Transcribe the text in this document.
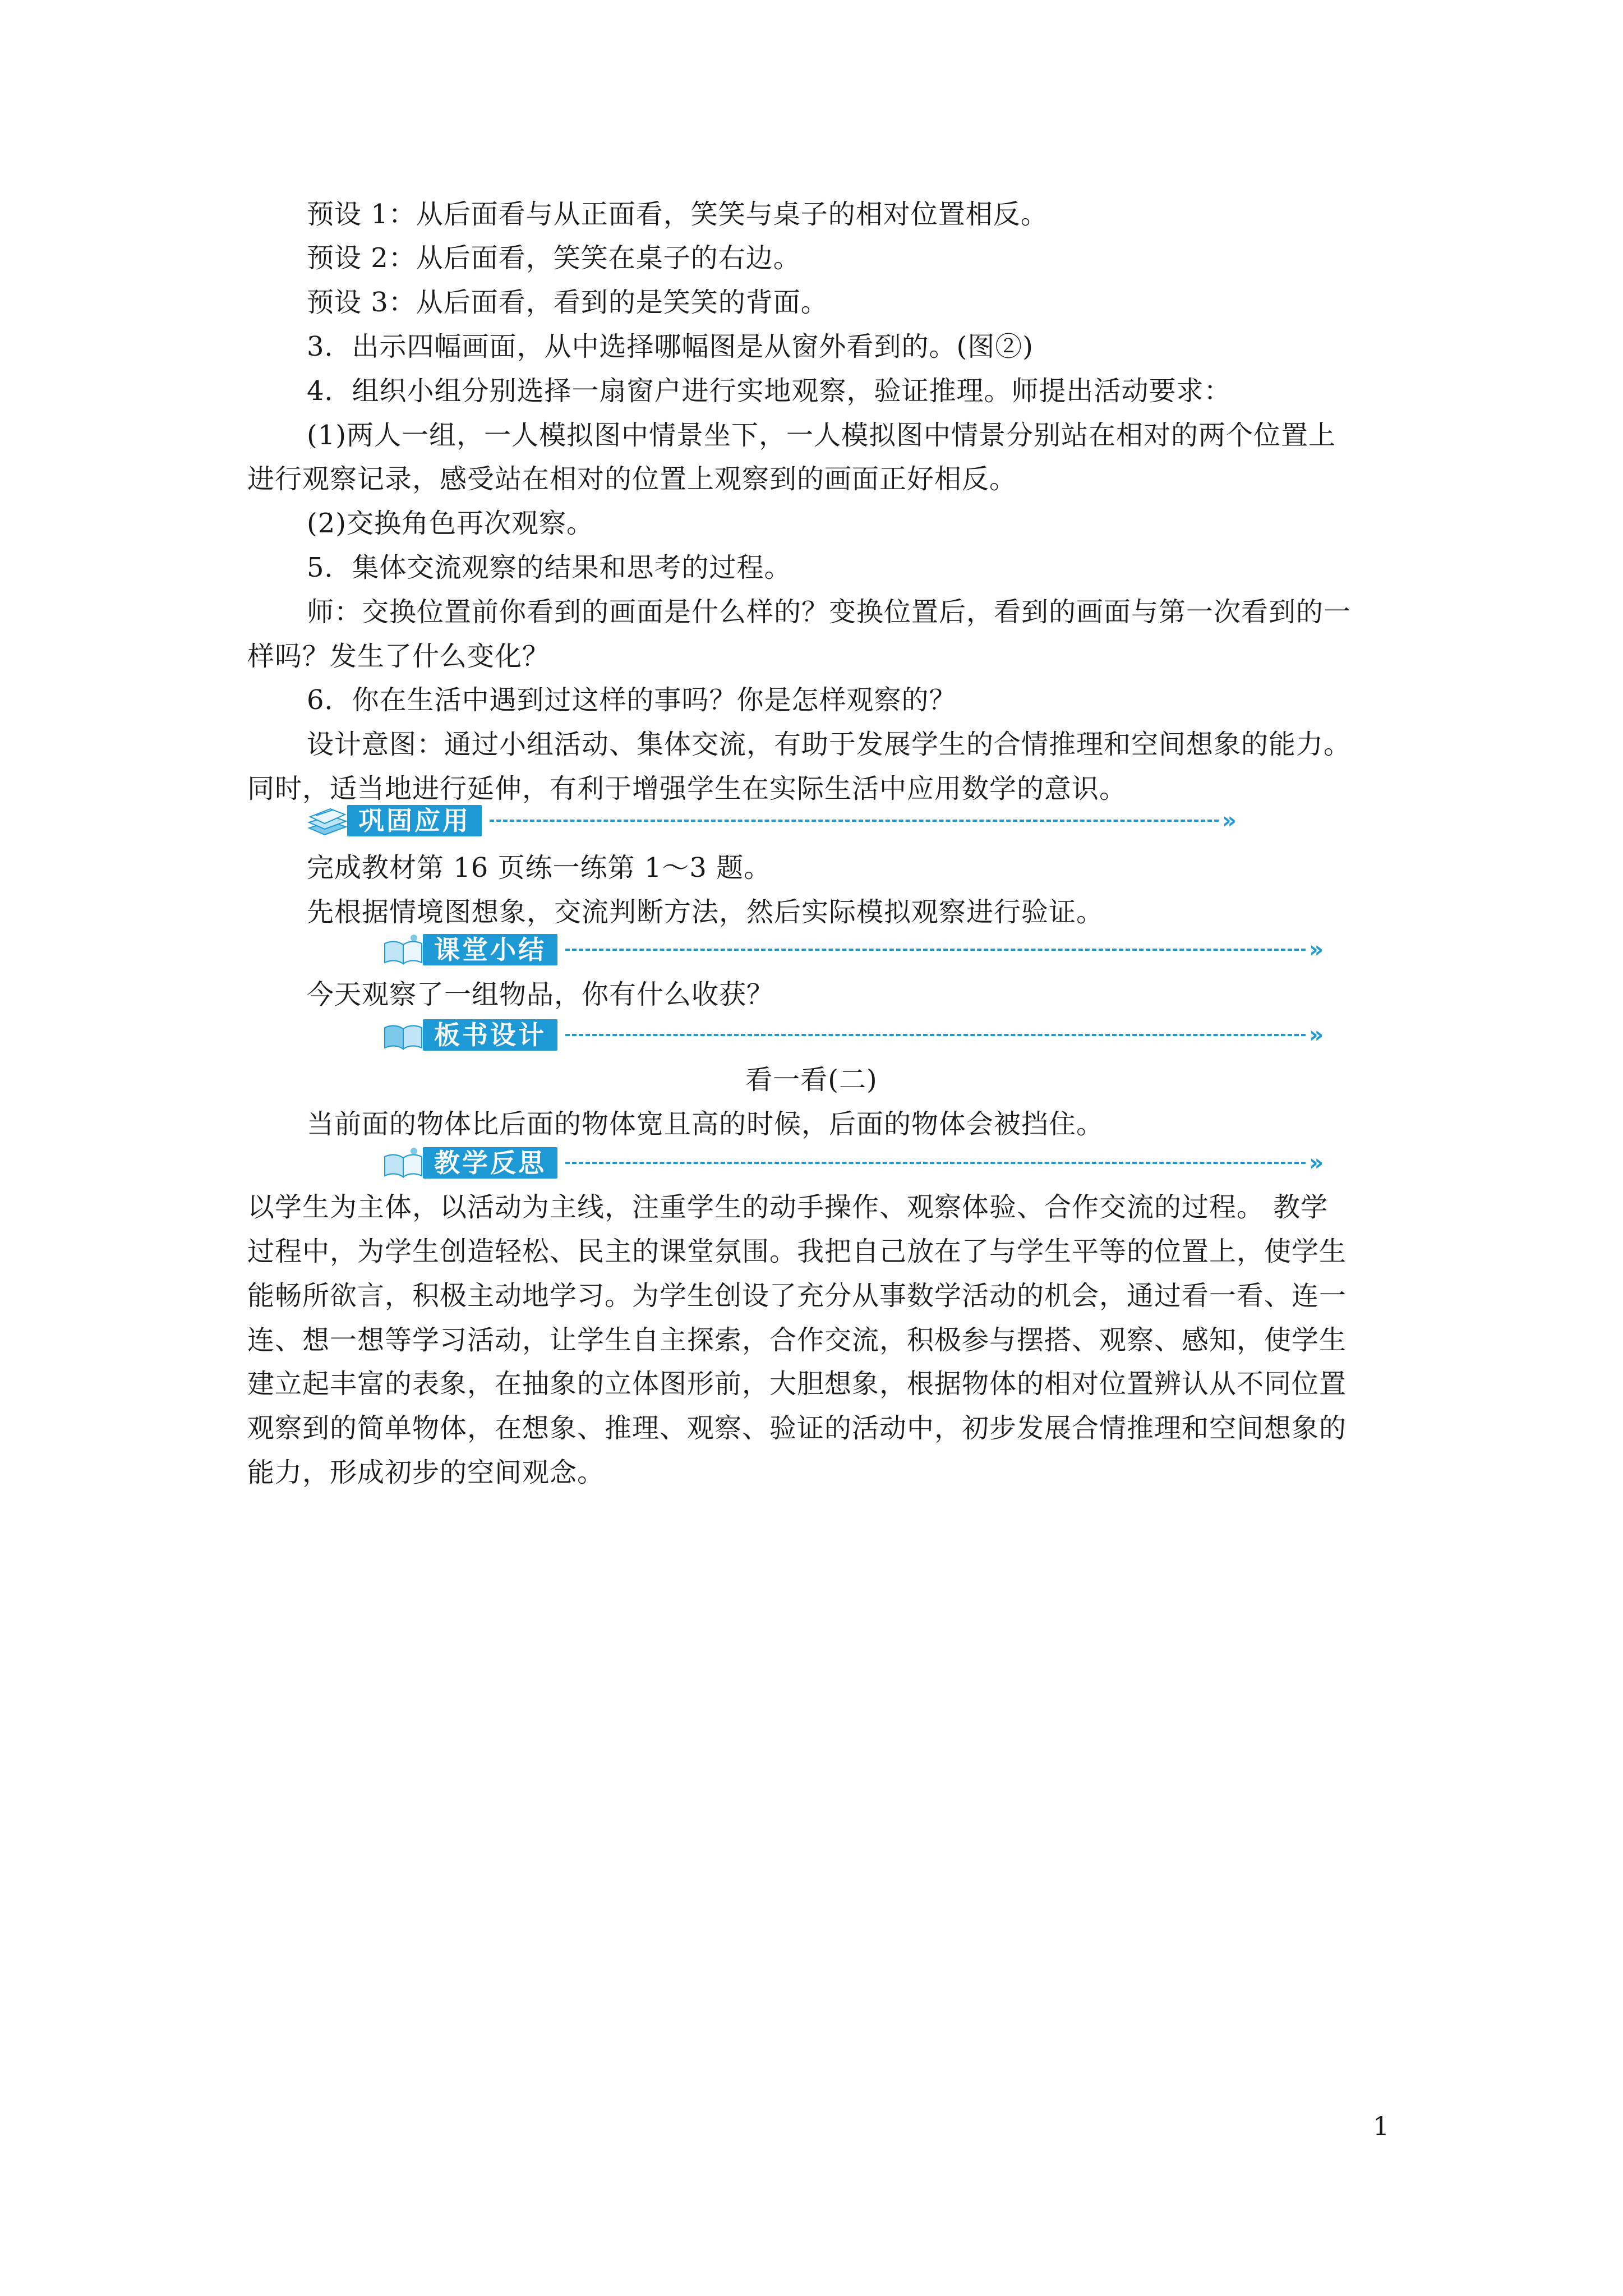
预设 1：从后面看与从正面看，笑笑与桌子的相对位置相反。
预设 2：从后面看，笑笑在桌子的右边。
预设 3：从后面看，看到的是笑笑的背面。
3．出示四幅画面，从中选择哪幅图是从窗外看到的。(图②)
4．组织小组分别选择一扇窗户进行实地观察，验证推理。师提出活动要求：
(1)两人一组，一人模拟图中情景坐下，一人模拟图中情景分别站在相对的两个位置上
进行观察记录，感受站在相对的位置上观察到的画面正好相反。
(2)交换角色再次观察。
5．集体交流观察的结果和思考的过程。
师：交换位置前你看到的画面是什么样的？变换位置后，看到的画面与第一次看到的一
样吗？发生了什么变化？
6．你在生活中遇到过这样的事吗？你是怎样观察的？
设计意图：通过小组活动、集体交流，有助于发展学生的合情推理和空间想象的能力。
同时，适当地进行延伸，有利于增强学生在实际生活中应用数学的意识。
巩固应用	»
完成教材第 16 页练一练第 1～3 题。
先根据情境图想象，交流判断方法，然后实际模拟观察进行验证。
课堂小结	»
今天观察了一组物品，你有什么收获？
板书设计	»
看一看(二)
当前面的物体比后面的物体宽且高的时候，后面的物体会被挡住。
教学反思	»
以学生为主体，以活动为主线，注重学生的动手操作、观察体验、合作交流的过程。 教学
过程中，为学生创造轻松、民主的课堂氛围。我把自己放在了与学生平等的位置上，使学生
能畅所欲言，积极主动地学习。为学生创设了充分从事数学活动的机会，通过看一看、连一
连、想一想等学习活动，让学生自主探索，合作交流，积极参与摆搭、观察、感知，使学生
建立起丰富的表象，在抽象的立体图形前，大胆想象，根据物体的相对位置辨认从不同位置
观察到的简单物体，在想象、推理、观察、验证的活动中，初步发展合情推理和空间想象的
能力，形成初步的空间观念。
1
